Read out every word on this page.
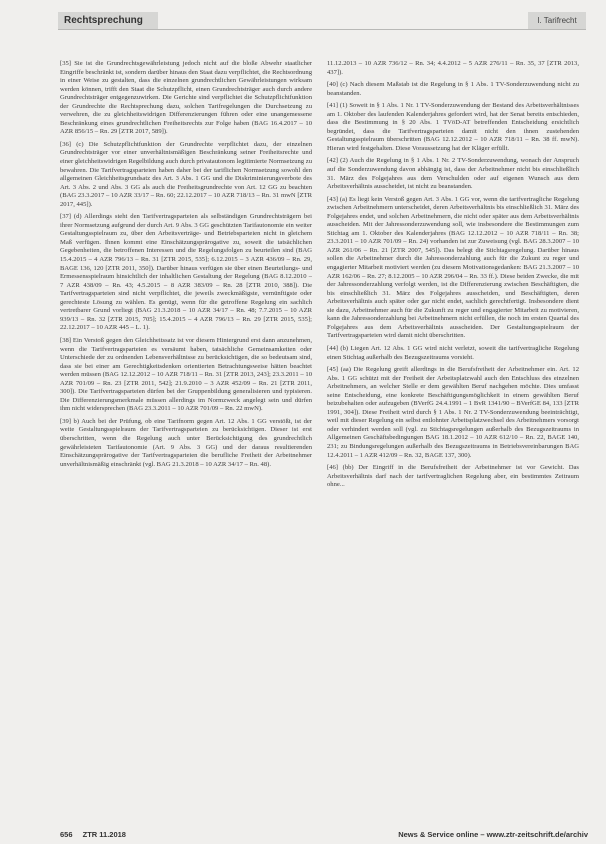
Rechtsprechung	I. Tarifrecht

[35] Sie ist die Grundrechtsgewährleistung jedoch nicht auf die bloße Abwehr staatlicher Eingriffe beschränkt ist, sondern darüber hinaus den Staat dazu verpflichtet, die Rechtsordnung in einer Weise zu gestalten, dass die einzelnen grundrechtlichen Gewährleistungen wirksam werden können, trifft den Staat die Schutzpflicht, einen Grundrechtsträger auch durch andere Grundrechtsträger entgegenzuwirken. Die Gerichte sind verpflichtet die Schutzpflichtfunktion der Grundrechte die Rechtsprechung dazu, solchen Tarifregelungen die Durchsetzung zu verwehren, die zu gleichheitswidrigen Differenzierungen führen oder eine unangemessene Beschränkung eines grundrechtlichen Freiheitsrechts zur Folge haben (BAG 16.4.2017 – 10 AZR 856/15 – Rn. 29 [ZTR 2017, 589]).

[36] (c) Die Schutzpflichtfunktion der Grundrechte verpflichtet dazu, der einzelnen Grundrechtsträger vor einer unverhältnismäßigen Beschränkung seiner Freiheitsrechte und einer gleichheitswidrigen Regelbildung auch durch privatautonom legitimierte Normsetzung zu bewahren. Die Tarifvertragsparteien haben daher bei der tariflichen Normsetzung sowohl den allgemeinen Gleichheitsgrundsatz des Art. 3 Abs. 1 GG und die Diskriminierungsverbote des Art. 3 Abs. 2 und Abs. 3 GG als auch die Freiheitsgrundrechte von Art. 12 GG zu beachten (BAG 23.3.2017 – 10 AZR 33/17 – Rn. 60; 22.12.2017 – 10 AZR 718/13 – Rn. 31 mwN [ZTR 2017, 445]).

[37] (d) Allerdings steht den Tarifvertragsparteien als selbständigen Grundrechtsträgern bei ihrer Normsetzung aufgrund der durch Art. 9 Abs. 3 GG geschützten Tarifautonomie ein weiter Gestaltungsspielraum zu, über den Arbeitsverträge- und Betriebsparteien nicht in gleichem Maß verfügen. Ihnen kommt eine Einschätzungsprärogative zu, soweit die tatsächlichen Gegebenheiten, die betroffenen Interessen und die Regelungsfolgen zu beurteilen sind (BAG 15.4.2015 – 4 AZR 796/13 – Rn. 31 [ZTR 2015, 535]; 6.12.2015 – 3 AZR 436/09 – Rn. 29, BAGE 136, 120 [ZTR 2011, 350]). Darüber hinaus verfügen sie über einen Beurteilungs- und Ermessensspielraum hinsichtlich der inhaltlichen Gestaltung der Regelung (BAG 8.12.2010 – 7 AZR 438/09 – Rn. 43; 4.5.2015 – 8 AZR 383/09 – Rn. 28 [ZTR 2010, 388]). Die Tarifvertragsparteien sind nicht verpflichtet, die jeweils zweckmäßigste, vernünftigste oder gerechteste Lösung zu wählen. Es genügt, wenn für die getroffene Regelung ein sachlich vertretbarer Grund vorliegt (BAG 21.3.2018 – 10 AZR 34/17 – Rn. 48; 7.7.2015 – 10 AZR 939/13 – Rn. 32 [ZTR 2015, 705]; 15.4.2015 – 4 AZR 796/13 – Rn. 29 [ZTR 2015, 535]; 22.12.2017 – 10 AZR 445 – L. 1).

[38] Ein Verstoß gegen den Gleichheitssatz ist vor diesem Hintergrund erst dann anzunehmen, wenn die Tarifvertragsparteien es versäumt haben, tatsächliche Gemeinsamkeiten oder Unterschiede der zu ordnenden Lebensverhältnisse zu berücksichtigen, die so bedeutsam sind, dass sie bei einer am Gerechtigkeitsdenken orientierten Betrachtungsweise hätten beachtet werden müssen (BAG 12.12.2012 – 10 AZR 718/11 – Rn. 31 [ZTR 2013, 243]; 23.3.2011 – 10 AZR 701/09 – Rn. 23 [ZTR 2011, 542]; 21.9.2010 – 3 AZR 452/09 – Rn. 21 [ZTR 2011, 300]). Die Tarifvertragsparteien dürfen bei der Gruppenbildung generalisieren und typisieren. Die Differenzierungsmerkmale müssen allerdings im Normzweck angelegt sein und dürfen ihm nicht widersprechen (BAG 23.3.2011 – 10 AZR 701/09 – Rn. 22 mwN).

[39] b) Auch bei der Prüfung, ob eine Tarifnorm gegen Art. 12 Abs. 1 GG verstößt, ist der weite Gestaltungsspielraum der Tarifvertragsparteien zu berücksichtigen. Dieser ist erst überschritten, wenn die Regelung auch unter Berücksichtigung des grundrechtlich gewährleisteten Tarifautonomie (Art. 9 Abs. 3 GG) und der daraus resultierenden Einschätzungsprärogative der Tarifvertragsparteien die berufliche Freiheit der Arbeitnehmer unverhältnismäßig einschränkt (vgl. BAG 21.3.2018 – 10 AZR 34/17 – Rn. 48).

11.12.2013 – 10 AZR 736/12 – Rn. 34; 4.4.2012 – 5 AZR 276/11 – Rn. 35, 37 [ZTR 2013, 437]).

[40] (c) Nach diesem Maßstab ist die Regelung in § 1 Abs. 1 TV-Sonderzuwendung nicht zu beanstanden.

[41] (1) Soweit in § 1 Abs. 1 Nr. 1 TV-Sonderzuwendung der Bestand des Arbeitsverhältnisses am 1. Oktober des laufenden Kalenderjahres gefordert wird, hat der Senat bereits entschieden, dass die Bestimmung in § 20 Abs. 1 TVöD-AT betreffenden Entscheidung ersichtlich begründet, dass die Tarifvertragsparteien damit nicht den ihnen zustehenden Gestaltungsspielraum überschritten (BAG 12.12.2012 – 10 AZR 718/11 – Rn. 38 ff. mwN). Hieran wird festgehalten. Diese Voraussetzung hat der Kläger erfüllt.

[42] (2) Auch die Regelung in § 1 Abs. 1 Nr. 2 TV-Sonderzuwendung, wonach der Anspruch auf die Sonderzuwendung davon abhängig ist, dass der Arbeitnehmer nicht bis einschließlich 31. März des Folgejahres aus dem Verschulden oder auf eigenen Wunsch aus dem Arbeitsverhältnis ausscheidet, ist nicht zu beanstanden.

[43] (a) Es liegt kein Verstoß gegen Art. 3 Abs. 1 GG vor, wenn die tarifvertragliche Regelung zwischen Arbeitnehmern unterscheidet, deren Arbeitsverhältnis bis einschließlich 31. März des Folgejahres endet, und solchen Arbeitnehmern, die nicht oder später aus dem Arbeitsverhältnis ausscheiden. Mit der Jahressonderzuwendung soll, wie insbesondere die Bestimmungen zum Stichtag am 1. Oktober des Kalenderjahres (BAG 12.12.2012 – 10 AZR 718/11 – Rn. 38; 23.3.2011 – 10 AZR 701/09 – Rn. 24) vorhanden ist zur Zuweisung (vgl. BAG 28.3.2007 – 10 AZR 261/06 – Rn. 21 [ZTR 2007, 545]). Das belegt die Stichtagsregelung. Darüber hinaus sollen die Arbeitnehmer durch die Jahressonderzahlung auch für die Zukunt zu reger und engagierter Mitarbeit motiviert werden (zu diesem Motivationsgedanken: BAG 21.3.2007 – 10 AZR 162/06 – Rn. 27; 8.12.2005 – 10 AZR 296/04 – Rn. 33 ff.). Diese beiden Zwecke, die mit der Jahressonderzahlung verfolgt werden, ist die Differenzierung zwischen Beschäftigten, die bis einschließlich 31. März des Folgejahres ausscheiden, und Beschäftigten, deren Arbeitsverhältnis auch später oder gar nicht endet, sachlich gerechtfertigt. Insbesondere dient sie dazu, Arbeitnehmer auch für die Zukunft zu reger und engagierter Mitarbeit zu motivieren, kann die Jahressonderzahlung bei Arbeitnehmern nicht erfüllen, die noch im ersten Quartal des Folgejahres aus dem Arbeitsverhältnis ausscheiden. Der Gestaltungsspielraum der Tarifvertragsparteien wird damit nicht überschritten.

[44] (b) Liegen Art. 12 Abs. 1 GG wird nicht verletzt, soweit die tarifvertragliche Regelung einen Stichtag außerhalb des Bezugszeitraums vorsieht.

[45] (aa) Die Regelung greift allerdings in die Berufsfreiheit der Arbeitnehmer ein. Art. 12 Abs. 1 GG schützt mit der Freiheit der Arbeitsplatzwahl auch den Entschluss des einzelnen Arbeitnehmers, an welcher Stelle er dem gewählten Beruf nachgehen möchte. Dies umfasst seine Entscheidung, eine konkrete Beschäftigungsmöglichkeit in einem gewählten Beruf beizubehalten oder aufzugeben (BVerfG 24.4.1991 – 1 BvR 1341/90 – BVerfGE 84, 133 [ZTR 1991, 304]). Diese Freiheit wird durch § 1 Abs. 1 Nr. 2 TV-Sonderzuwendung beeinträchtigt, weil mit dieser Regelung ein selbst entlohnter Arbeitsplatzwechsel des Arbeitnehmers vorsorgt oder verhindert werden soll (vgl. zu Stichtagsregelungen außerhalb des Bezugszeitraums in Allgemeinen Geschäftsbedingungen BAG 18.1.2012 – 10 AZR 612/10 – Rn. 22, BAGE 140, 231; zu Bindungsregelungen außerhalb des Bezugszeitraums in Betriebsvereinbarungen BAG 12.4.2011 – 1 AZR 412/09 – Rn. 32, BAGE 137, 300).

[46] (bb) Der Eingriff in die Berufsfreiheit der Arbeitnehmer ist vor Gewicht. Das Arbeitsverhältnis darf nach der tarifvertraglichen Regelung aber, ein bestimmtes Zeitraum ohne...

656 ZTR 11.2018	News & Service online – www.ztr-zeitschrift.de/archiv
